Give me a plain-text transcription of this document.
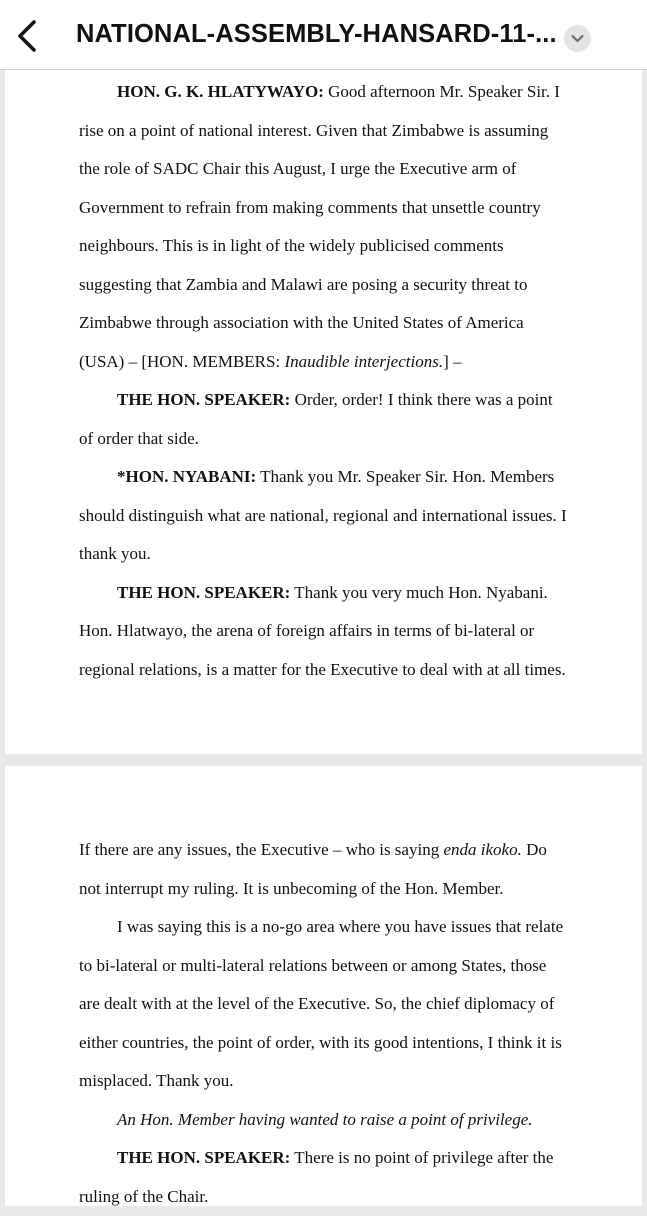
NATIONAL-ASSEMBLY-HANSARD-11-...

HON. G. K. HLATYWAYO: Good afternoon Mr. Speaker Sir. I rise on a point of national interest. Given that Zimbabwe is assuming the role of SADC Chair this August, I urge the Executive arm of Government to refrain from making comments that unsettle country neighbours. This is in light of the widely publicised comments suggesting that Zambia and Malawi are posing a security threat to Zimbabwe through association with the United States of America (USA) – [HON. MEMBERS: Inaudible interjections.] –

THE HON. SPEAKER: Order, order! I think there was a point of order that side.

*HON. NYABANI: Thank you Mr. Speaker Sir. Hon. Members should distinguish what are national, regional and international issues. I thank you.

THE HON. SPEAKER: Thank you very much Hon. Nyabani. Hon. Hlatwayo, the arena of foreign affairs in terms of bi-lateral or regional relations, is a matter for the Executive to deal with at all times.

If there are any issues, the Executive – who is saying enda ikoko. Do not interrupt my ruling. It is unbecoming of the Hon. Member.

I was saying this is a no-go area where you have issues that relate to bi-lateral or multi-lateral relations between or among States, those are dealt with at the level of the Executive. So, the chief diplomacy of either countries, the point of order, with its good intentions, I think it is misplaced. Thank you.

An Hon. Member having wanted to raise a point of privilege.

THE HON. SPEAKER: There is no point of privilege after the ruling of the Chair.
